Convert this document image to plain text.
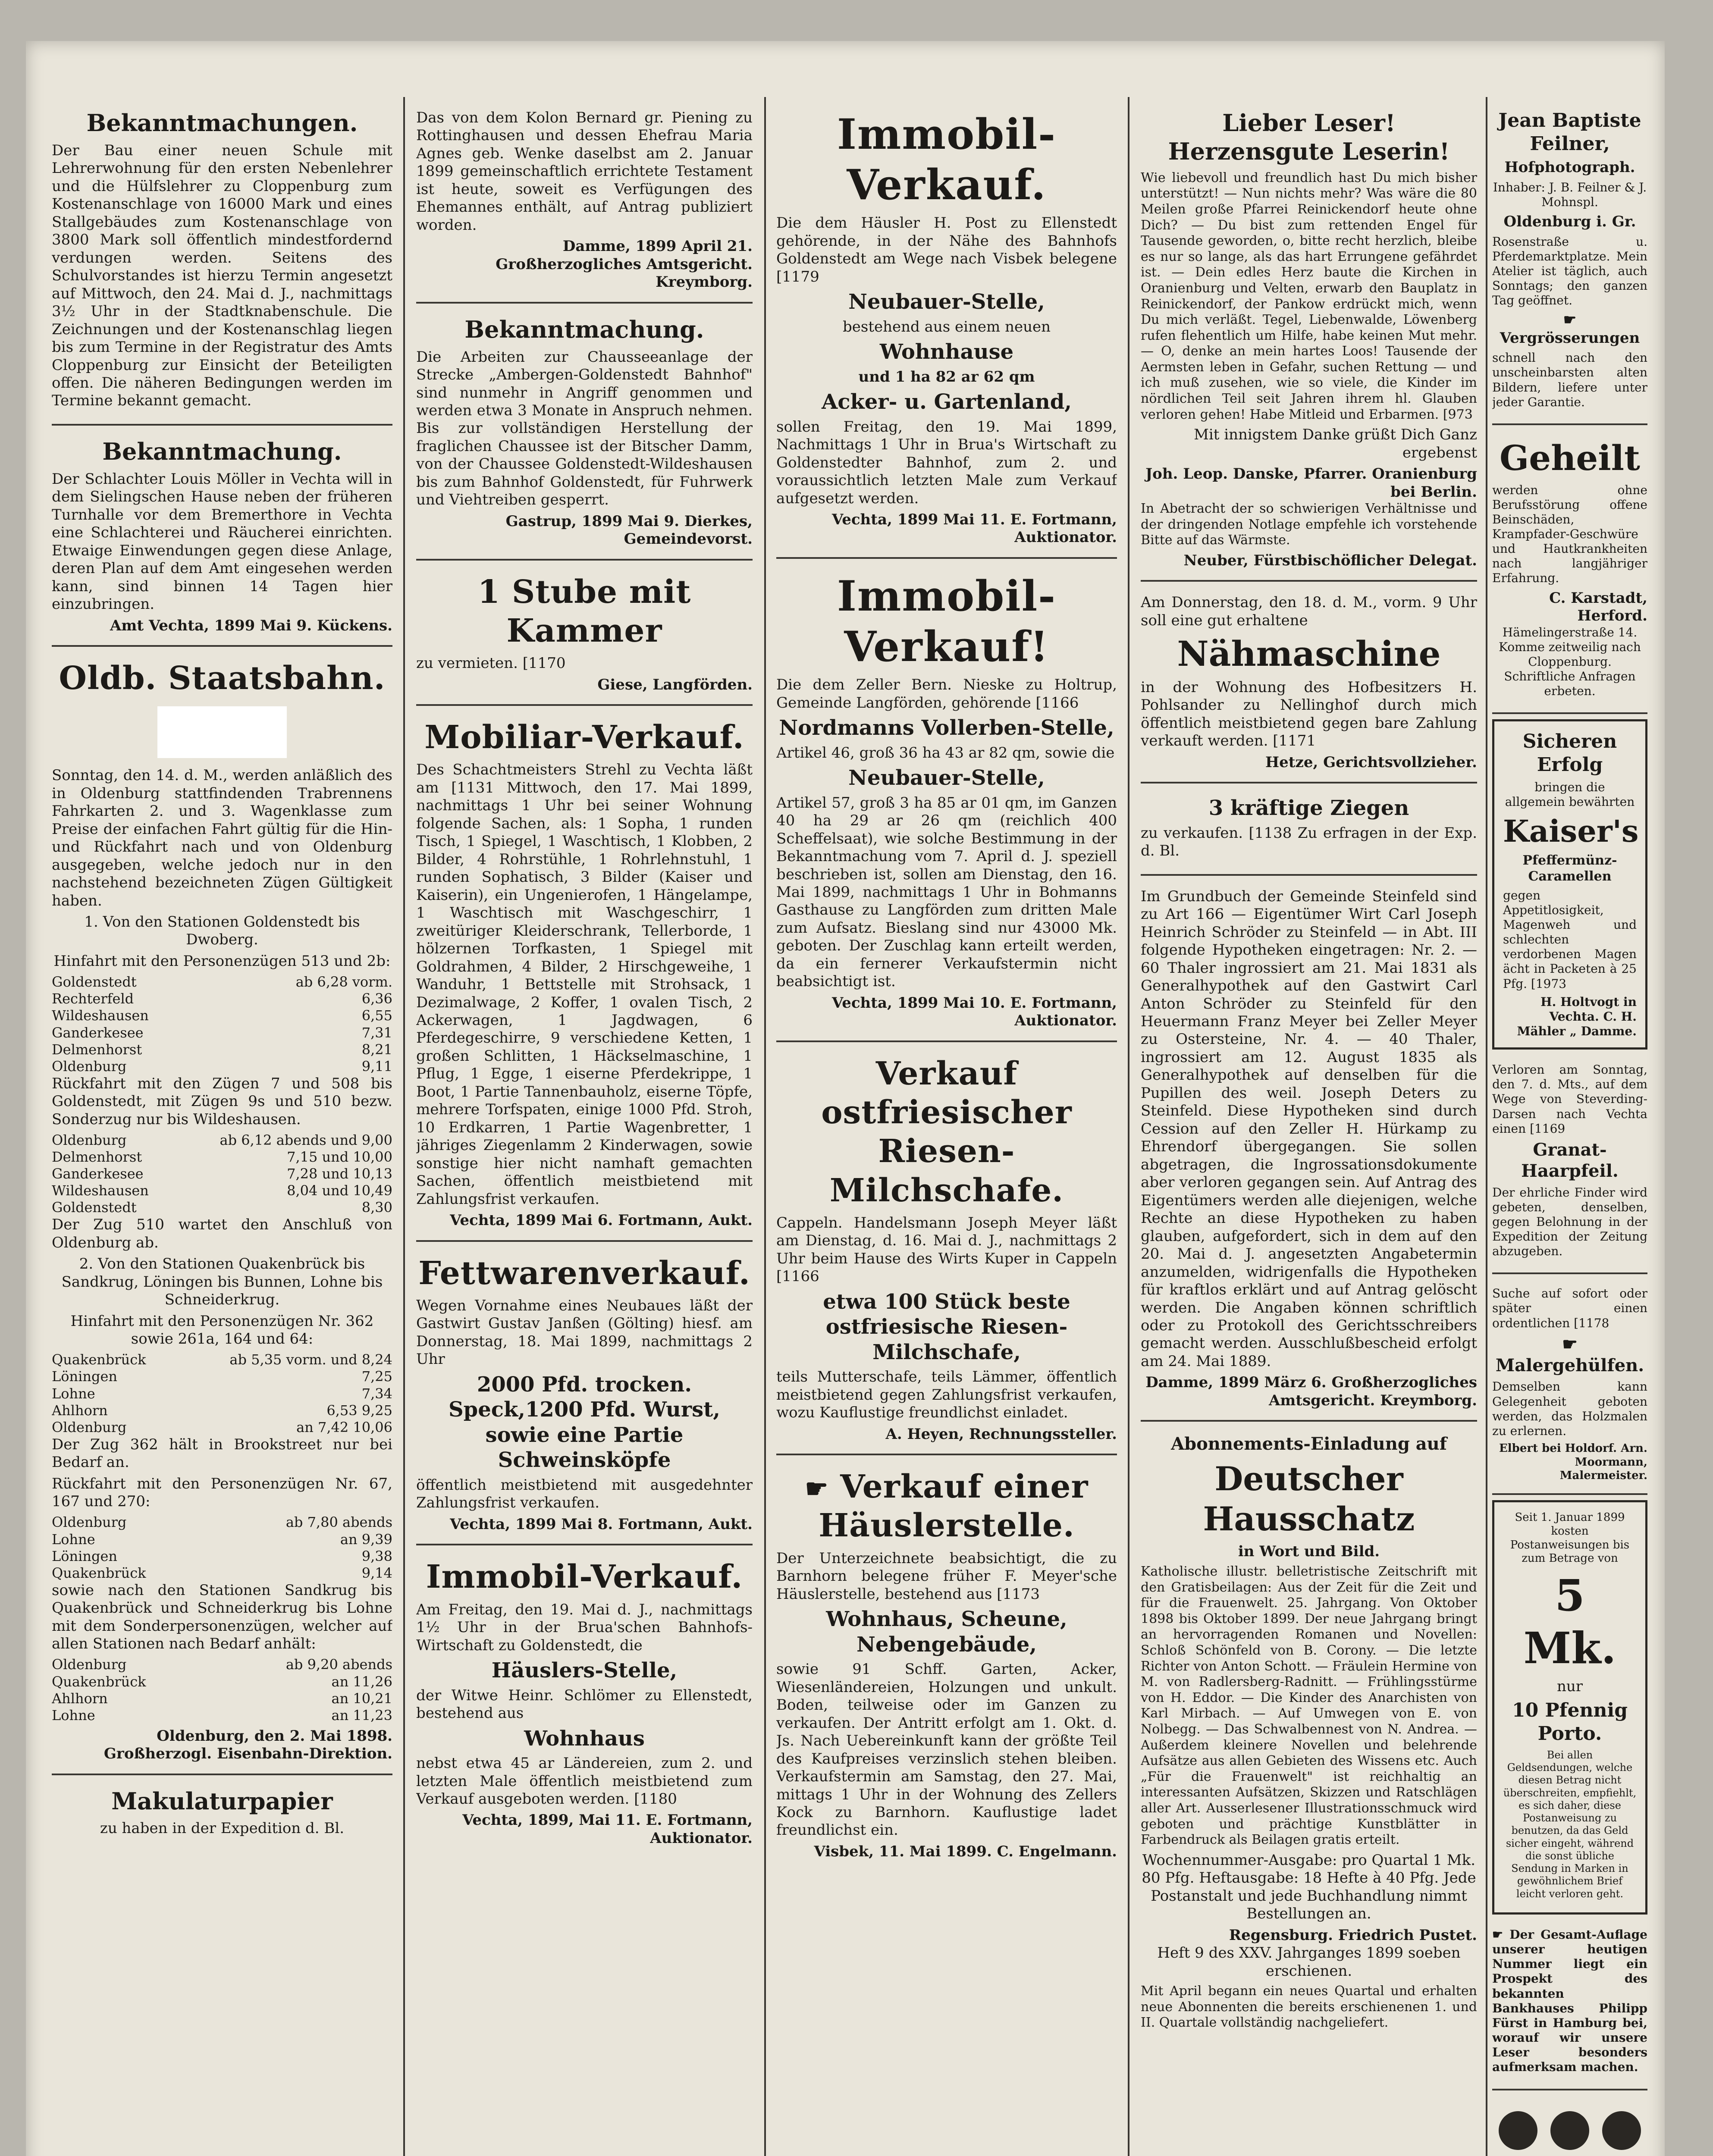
Bekanntmachungen.

Der Bau einer neuen Schule mit Lehrerwohnung für den ersten Nebenlehrer und die Hülfslehrer zu Cloppenburg zum Kostenanschlage von 16000 Mark und eines Stallgebäudes zum Kostenanschlage von 3800 Mark soll öffentlich mindestfordernd verdungen werden. Seitens des Schulvorstandes ist hierzu Termin angesetzt auf Mittwoch, den 24. Mai d. J., nachmittags 3½ Uhr in der Stadtknabenschule. Die Zeichnungen und der Kostenanschlag liegen bis zum Termine in der Registratur des Amts Cloppenburg zur Einsicht der Beteiligten offen. Die näheren Bedingungen werden im Termine bekannt gemacht.

Bekanntmachung.

Der Schlachter Louis Möller in Vechta will in dem Sielingschen Hause neben der früheren Turnhalle vor dem Bremerthore in Vechta eine Schlachterei und Räucherei einrichten. Etwaige Einwendungen gegen diese Anlage, deren Plan auf dem Amt eingesehen werden kann, sind binnen 14 Tagen hier einzubringen.

Amt Vechta, 1899 Mai 9. Kückens.

Oldb. Staatsbahn.

Sonntag, den 14. d. M., werden anläßlich des in Oldenburg stattfindenden Trabrennens Fahrkarten 2. und 3. Wagenklasse zum Preise der einfachen Fahrt gültig für die Hin- und Rückfahrt nach und von Oldenburg ausgegeben, welche jedoch nur in den nachstehend bezeichneten Zügen Gültigkeit haben.

1. Von den Stationen Goldenstedt bis Dwoberg.

Hinfahrt mit den Personenzügen 513 und 2b:

Goldenstedt	ab 6,28 vorm.
Rechterfeld	6,36
Wildeshausen	6,55
Ganderkesee	7,31
Delmenhorst	8,21
Oldenburg	9,11

Rückfahrt mit den Zügen 7 und 508 bis Goldenstedt, mit Zügen 9s und 510 bezw. Sonderzug nur bis Wildeshausen.

Oldenburg	ab 6,12 abends und 9,00
Delmenhorst	7,15 und 10,00
Ganderkesee	7,28 und 10,13
Wildeshausen	8,04 und 10,49
Goldenstedt	8,30

Der Zug 510 wartet den Anschluß von Oldenburg ab.

2. Von den Stationen Quakenbrück bis Sandkrug, Löningen bis Bunnen, Lohne bis Schneiderkrug.

Hinfahrt mit den Personenzügen Nr. 362 sowie 261a, 164 und 64:

Quakenbrück	ab 5,35 vorm. und 8,24
Löningen	7,25
Lohne	7,34
Ahlhorn	6,53 9,25
Oldenburg	an 7,42 10,06

Der Zug 362 hält in Brookstreet nur bei Bedarf an.

Rückfahrt mit den Personenzügen Nr. 67, 167 und 270:

Oldenburg	ab 7,80 abends
Lohne	an 9,39
Löningen	9,38
Quakenbrück	9,14

sowie nach den Stationen Sandkrug bis Quakenbrück und Schneiderkrug bis Lohne mit dem Sonderpersonenzügen, welcher auf allen Stationen nach Bedarf anhält:

Oldenburg	ab 9,20 abends
Quakenbrück	an 11,26
Ahlhorn	an 10,21
Lohne	an 11,23

Oldenburg, den 2. Mai 1898. Großherzogl. Eisenbahn-Direktion.

Makulaturpapier

zu haben in der Expedition d. Bl.

Das von dem Kolon Bernard gr. Piening zu Rottinghausen und dessen Ehefrau Maria Agnes geb. Wenke daselbst am 2. Januar 1899 gemeinschaftlich errichtete Testament ist heute, soweit es Verfügungen des Ehemannes enthält, auf Antrag publiziert worden.

Damme, 1899 April 21. Großherzogliches Amtsgericht. Kreymborg.

Bekanntmachung.

Die Arbeiten zur Chausseeanlage der Strecke „Ambergen-Goldenstedt Bahnhof" sind nunmehr in Angriff genommen und werden etwa 3 Monate in Anspruch nehmen. Bis zur vollständigen Herstellung der fraglichen Chaussee ist der Bitscher Damm, von der Chaussee Goldenstedt-Wildeshausen bis zum Bahnhof Goldenstedt, für Fuhrwerk und Viehtreiben gesperrt.

Gastrup, 1899 Mai 9. Dierkes, Gemeindevorst.

1 Stube mit Kammer

zu vermieten. [1170

Giese, Langförden.

Mobiliar-Verkauf.

Des Schachtmeisters Strehl zu Vechta läßt am [1131 Mittwoch, den 17. Mai 1899, nachmittags 1 Uhr bei seiner Wohnung folgende Sachen, als: 1 Sopha, 1 runden Tisch, 1 Spiegel, 1 Waschtisch, 1 Klobben, 2 Bilder, 4 Rohrstühle, 1 Rohrlehnstuhl, 1 runden Sophatisch, 3 Bilder (Kaiser und Kaiserin), ein Ungenierofen, 1 Hängelampe, 1 Waschtisch mit Waschgeschirr, 1 zweitüriger Kleiderschrank, Tellerborde, 1 hölzernen Torfkasten, 1 Spiegel mit Goldrahmen, 4 Bilder, 2 Hirschgeweihe, 1 Wanduhr, 1 Bettstelle mit Strohsack, 1 Dezimalwage, 2 Koffer, 1 ovalen Tisch, 2 Ackerwagen, 1 Jagdwagen, 6 Pferdegeschirre, 9 verschiedene Ketten, 1 großen Schlitten, 1 Häckselmaschine, 1 Pflug, 1 Egge, 1 eiserne Pferdekrippe, 1 Boot, 1 Partie Tannenbauholz, eiserne Töpfe, mehrere Torfspaten, einige 1000 Pfd. Stroh, 10 Erdkarren, 1 Partie Wagenbretter, 1 jähriges Ziegenlamm 2 Kinderwagen, sowie sonstige hier nicht namhaft gemachten Sachen, öffentlich meistbietend mit Zahlungsfrist verkaufen.

Vechta, 1899 Mai 6. Fortmann, Aukt.

Fettwarenverkauf.

Wegen Vornahme eines Neubaues läßt der Gastwirt Gustav Janßen (Gölting) hiesf. am Donnerstag, 18. Mai 1899, nachmittags 2 Uhr

2000 Pfd. trocken. Speck,1200 Pfd. Wurst, sowie eine Partie Schweinsköpfe

öffentlich meistbietend mit ausgedehnter Zahlungsfrist verkaufen.

Vechta, 1899 Mai 8. Fortmann, Aukt.

Immobil-Verkauf.

Am Freitag, den 19. Mai d. J., nachmittags 1½ Uhr in der Brua'schen Bahnhofs-Wirtschaft zu Goldenstedt, die

Häuslers-Stelle,

der Witwe Heinr. Schlömer zu Ellenstedt, bestehend aus

Wohnhaus

nebst etwa 45 ar Ländereien, zum 2. und letzten Male öffentlich meistbietend zum Verkauf ausgeboten werden. [1180

Vechta, 1899, Mai 11. E. Fortmann, Auktionator.

Immobil-Verkauf.

Die dem Häusler H. Post zu Ellenstedt gehörende, in der Nähe des Bahnhofs Goldenstedt am Wege nach Visbek belegene [1179

Neubauer-Stelle,

bestehend aus einem neuen

Wohnhause

und 1 ha 82 ar 62 qm

Acker- u. Gartenland,

sollen Freitag, den 19. Mai 1899, Nachmittags 1 Uhr in Brua's Wirtschaft zu Goldenstedter Bahnhof, zum 2. und voraussichtlich letzten Male zum Verkauf aufgesetzt werden.

Vechta, 1899 Mai 11. E. Fortmann, Auktionator.

Immobil-Verkauf!

Die dem Zeller Bern. Nieske zu Holtrup, Gemeinde Langförden, gehörende [1166

Nordmanns Vollerben-Stelle,

Artikel 46, groß 36 ha 43 ar 82 qm, sowie die

Neubauer-Stelle,

Artikel 57, groß 3 ha 85 ar 01 qm, im Ganzen 40 ha 29 ar 26 qm (reichlich 400 Scheffelsaat), wie solche Bestimmung in der Bekanntmachung vom 7. April d. J. speziell beschrieben ist, sollen am Dienstag, den 16. Mai 1899, nachmittags 1 Uhr in Bohmanns Gasthause zu Langförden zum dritten Male zum Aufsatz. Bieslang sind nur 43000 Mk. geboten. Der Zuschlag kann erteilt werden, da ein fernerer Verkaufstermin nicht beabsichtigt ist.

Vechta, 1899 Mai 10. E. Fortmann, Auktionator.

Verkauf ostfriesischer Riesen-Milchschafe.

Cappeln. Handelsmann Joseph Meyer läßt am Dienstag, d. 16. Mai d. J., nachmittags 2 Uhr beim Hause des Wirts Kuper in Cappeln [1166

etwa 100 Stück beste ostfriesische Riesen-Milchschafe,

teils Mutterschafe, teils Lämmer, öffentlich meistbietend gegen Zahlungsfrist verkaufen, wozu Kauflustige freundlichst einladet.

A. Heyen, Rechnungssteller.

☛ Verkauf einer Häuslerstelle.

Der Unterzeichnete beabsichtigt, die zu Barnhorn belegene früher F. Meyer'sche Häuslerstelle, bestehend aus [1173

Wohnhaus, Scheune, Nebengebäude,

sowie 91 Schff. Garten, Acker, Wiesenländereien, Holzungen und unkult. Boden, teilweise oder im Ganzen zu verkaufen. Der Antritt erfolgt am 1. Okt. d. Js. Nach Uebereinkunft kann der größte Teil des Kaufpreises verzinslich stehen bleiben. Verkaufstermin am Samstag, den 27. Mai, mittags 1 Uhr in der Wohnung des Zellers Kock zu Barnhorn. Kauflustige ladet freundlichst ein.

Visbek, 11. Mai 1899. C. Engelmann.

Lieber Leser! Herzensgute Leserin!

Wie liebevoll und freundlich hast Du mich bisher unterstützt! — Nun nichts mehr? Was wäre die 80 Meilen große Pfarrei Reinickendorf heute ohne Dich? — Du bist zum rettenden Engel für Tausende geworden, o, bitte recht herzlich, bleibe es nur so lange, als das hart Errungene gefährdet ist. — Dein edles Herz baute die Kirchen in Oranienburg und Velten, erwarb den Bauplatz in Reinickendorf, der Pankow erdrückt mich, wenn Du mich verläßt. Tegel, Liebenwalde, Löwenberg rufen flehentlich um Hilfe, habe keinen Mut mehr. — O, denke an mein hartes Loos! Tausende der Aermsten leben in Gefahr, suchen Rettung — und ich muß zusehen, wie so viele, die Kinder im nördlichen Teil seit Jahren ihrem hl. Glauben verloren gehen! Habe Mitleid und Erbarmen. [973

Mit innigstem Danke grüßt Dich Ganz ergebenst

Joh. Leop. Danske, Pfarrer. Oranienburg bei Berlin.

In Abetracht der so schwierigen Verhältnisse und der dringenden Notlage empfehle ich vorstehende Bitte auf das Wärmste.

Neuber, Fürstbischöflicher Delegat.

Am Donnerstag, den 18. d. M., vorm. 9 Uhr soll eine gut erhaltene

Nähmaschine

in der Wohnung des Hofbesitzers H. Pohlsander zu Nellinghof durch mich öffentlich meistbietend gegen bare Zahlung verkauft werden. [1171

Hetze, Gerichtsvollzieher.

3 kräftige Ziegen

zu verkaufen. [1138 Zu erfragen in der Exp. d. Bl.

Im Grundbuch der Gemeinde Steinfeld sind zu Art 166 — Eigentümer Wirt Carl Joseph Heinrich Schröder zu Steinfeld — in Abt. III folgende Hypotheken eingetragen: Nr. 2. — 60 Thaler ingrossiert am 21. Mai 1831 als Generalhypothek auf den Gastwirt Carl Anton Schröder zu Steinfeld für den Heuermann Franz Meyer bei Zeller Meyer zu Ostersteine, Nr. 4. — 40 Thaler, ingrossiert am 12. August 1835 als Generalhypothek auf denselben für die Pupillen des weil. Joseph Deters zu Steinfeld. Diese Hypotheken sind durch Cession auf den Zeller H. Hürkamp zu Ehrendorf übergegangen. Sie sollen abgetragen, die Ingrossationsdokumente aber verloren gegangen sein. Auf Antrag des Eigentümers werden alle diejenigen, welche Rechte an diese Hypotheken zu haben glauben, aufgefordert, sich in dem auf den 20. Mai d. J. angesetzten Angabetermin anzumelden, widrigenfalls die Hypotheken für kraftlos erklärt und auf Antrag gelöscht werden. Die Angaben können schriftlich oder zu Protokoll des Gerichtsschreibers gemacht werden. Ausschlußbescheid erfolgt am 24. Mai 1889.

Damme, 1899 März 6. Großherzogliches Amtsgericht. Kreymborg.

Abonnements-Einladung auf

Deutscher Hausschatz

in Wort und Bild.

Katholische illustr. belletristische Zeitschrift mit den Gratisbeilagen: Aus der Zeit für die Zeit und für die Frauenwelt. 25. Jahrgang. Von Oktober 1898 bis Oktober 1899. Der neue Jahrgang bringt an hervorragenden Romanen und Novellen: Schloß Schönfeld von B. Corony. — Die letzte Richter von Anton Schott. — Fräulein Hermine von M. von Radlersberg-Radnitt. — Frühlingsstürme von H. Eddor. — Die Kinder des Anarchisten von Karl Mirbach. — Auf Umwegen von E. von Nolbegg. — Das Schwalbennest von N. Andrea. — Außerdem kleinere Novellen und belehrende Aufsätze aus allen Gebieten des Wissens etc. Auch „Für die Frauenwelt" ist reichhaltig an interessanten Aufsätzen, Skizzen und Ratschlägen aller Art. Ausserlesener Illustrationsschmuck wird geboten und prächtige Kunstblätter in Farbendruck als Beilagen gratis erteilt.

Wochennummer-Ausgabe: pro Quartal 1 Mk. 80 Pfg. Heftausgabe: 18 Hefte à 40 Pfg. Jede Postanstalt und jede Buchhandlung nimmt Bestellungen an.

Regensburg. Friedrich Pustet.

Heft 9 des XXV. Jahrganges 1899 soeben erschienen.

Mit April begann ein neues Quartal und erhalten neue Abonnenten die bereits erschienenen 1. und II. Quartale vollständig nachgeliefert.

Jean Baptiste Feilner,

Hofphotograph.

Inhaber: J. B. Feilner & J. Mohnspl.

Oldenburg i. Gr.

Rosenstraße u. Pferdemarktplatze. Mein Atelier ist täglich, auch Sonntags; den ganzen Tag geöffnet.

☛ Vergrösserungen

schnell nach den unscheinbarsten alten Bildern, liefere unter jeder Garantie.

Geheilt

werden ohne Berufsstörung offene Beinschäden, Krampfader-Geschwüre und Hautkrankheiten nach langjähriger Erfahrung.

C. Karstadt, Herford.

Hämelingerstraße 14. Komme zeitweilig nach Cloppenburg. Schriftliche Anfragen erbeten.

Sicheren Erfolg

bringen die allgemein bewährten

Kaiser's

Pfeffermünz-Caramellen

gegen Appetitlosigkeit, Magenweh und schlechten verdorbenen Magen ächt in Packeten à 25 Pfg. [1973

H. Holtvogt in Vechta. C. H. Mähler „ Damme.

Verloren am Sonntag, den 7. d. Mts., auf dem Wege von Steverding-Darsen nach Vechta einen [1169

Granat-Haarpfeil.

Der ehrliche Finder wird gebeten, denselben, gegen Belohnung in der Expedition der Zeitung abzugeben.

Suche auf sofort oder später einen ordentlichen [1178

☛ Malergehülfen.

Demselben kann Gelegenheit geboten werden, das Holzmalen zu erlernen.

Elbert bei Holdorf. Arn. Moormann, Malermeister.

Seit 1. Januar 1899 kosten Postanweisungen bis zum Betrage von

5 Mk.

nur

10 Pfennig Porto.

Bei allen Geldsendungen, welche diesen Betrag nicht überschreiten, empfiehlt, es sich daher, diese Postanweisung zu benutzen, da das Geld sicher eingeht, während die sonst übliche Sendung in Marken in gewöhnlichem Brief leicht verloren geht.

☛ Der Gesamt-Auflage unserer heutigen Nummer liegt ein Prospekt des bekannten Bankhauses Philipp Fürst in Hamburg bei, worauf wir unsere Leser besonders aufmerksam machen.
